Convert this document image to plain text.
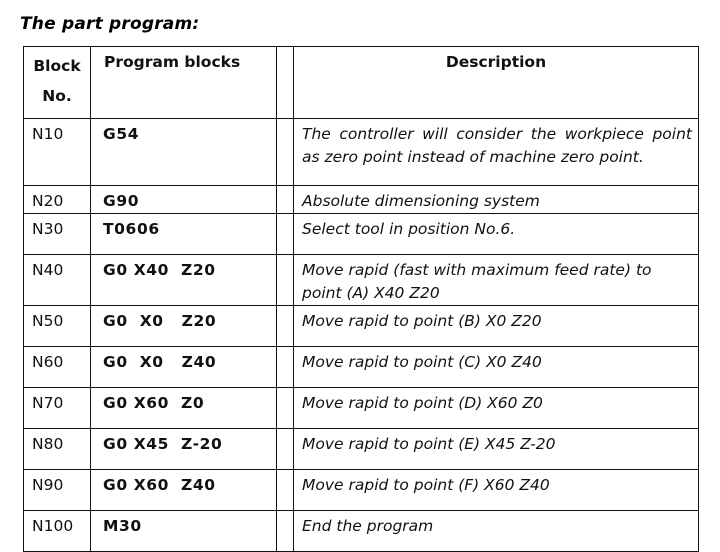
The part program:
Block
No.	Program blocks		Description
N10	G54		The controller will consider the workpiece point as zero point instead of machine zero point.
N20	G90		Absolute dimensioning system
N30	T0606		Select tool in position No.6.
N40	G0 X40  Z20		Move rapid (fast with maximum feed rate) to point (A) X40 Z20
N50	G0  X0   Z20		Move rapid to point (B) X0 Z20
N60	G0  X0   Z40		Move rapid to point (C) X0 Z40
N70	G0 X60  Z0		Move rapid to point (D) X60 Z0
N80	G0 X45  Z-20		Move rapid to point (E) X45 Z-20
N90	G0 X60  Z40		Move rapid to point (F) X60 Z40
N100	M30		End the program
